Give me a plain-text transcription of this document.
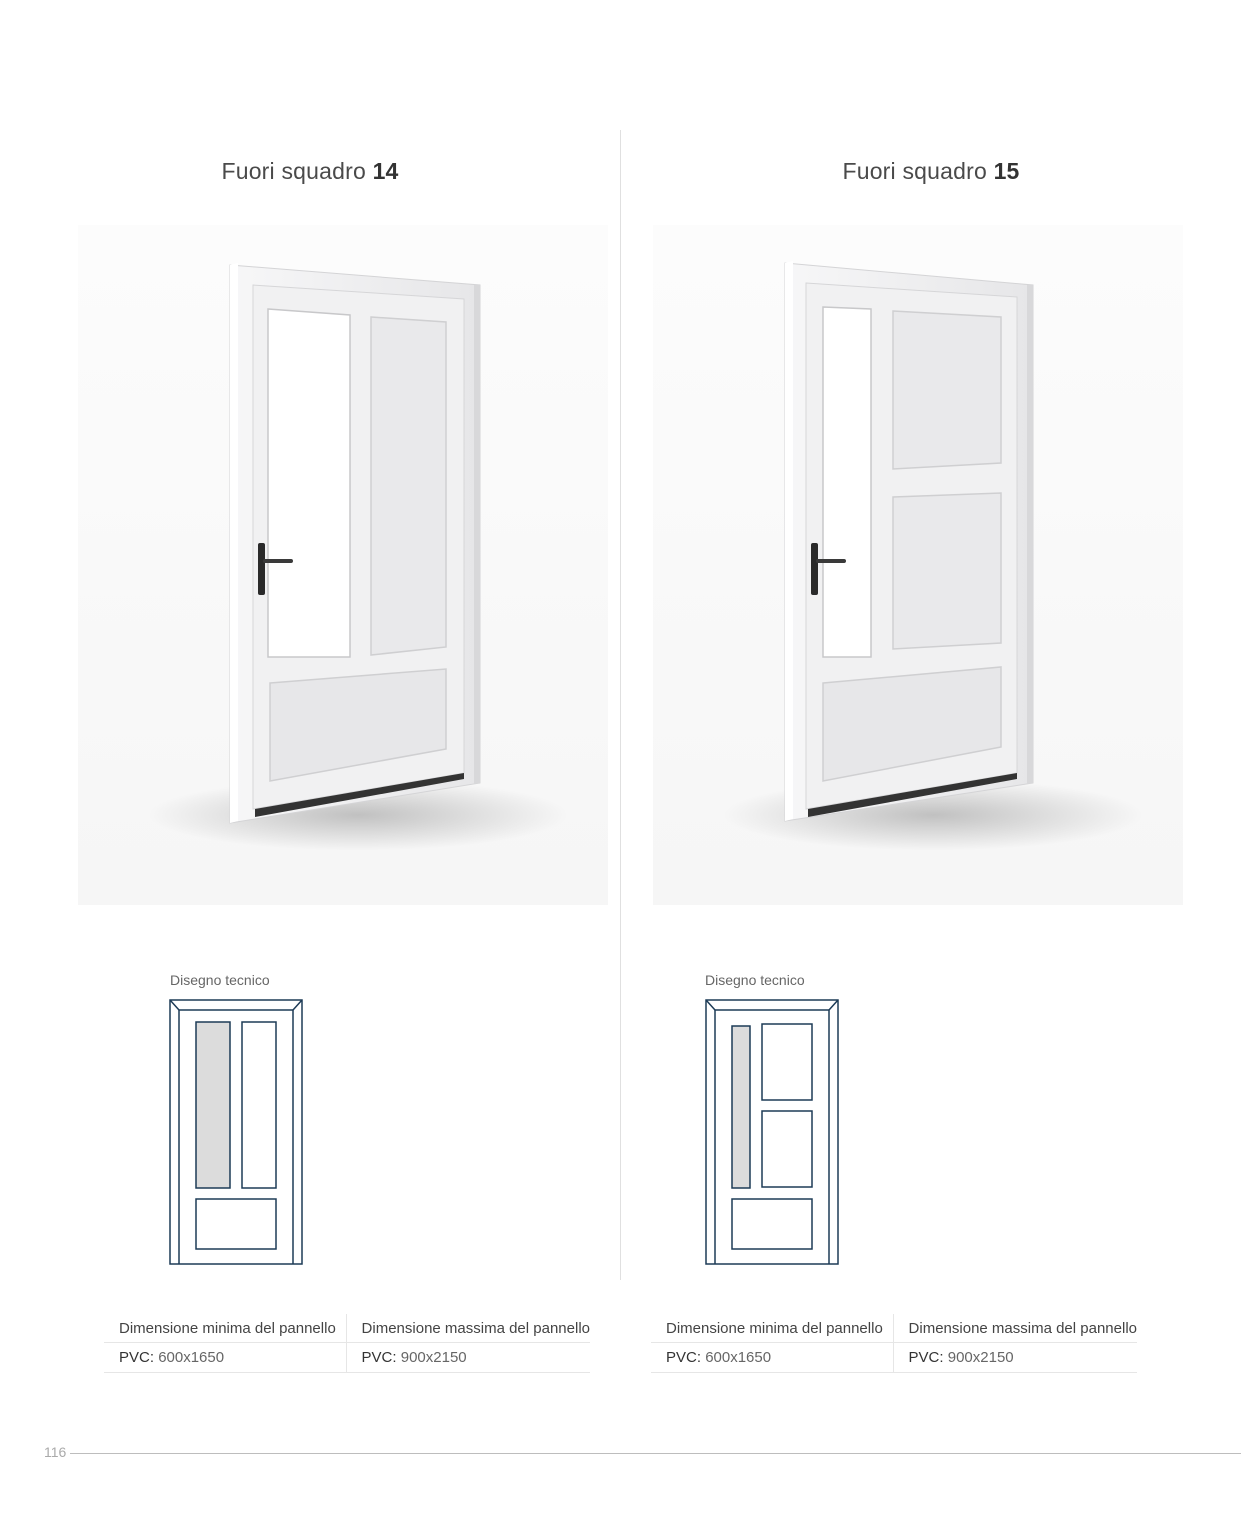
Fuori squadro 14
Disegno tecnico
Dimensione minima del pannello	Dimensione massima del pannello
PVC: 600x1650	PVC: 900x2150
Fuori squadro 15
Disegno tecnico
Dimensione minima del pannello	Dimensione massima del pannello
PVC: 600x1650	PVC: 900x2150
116
